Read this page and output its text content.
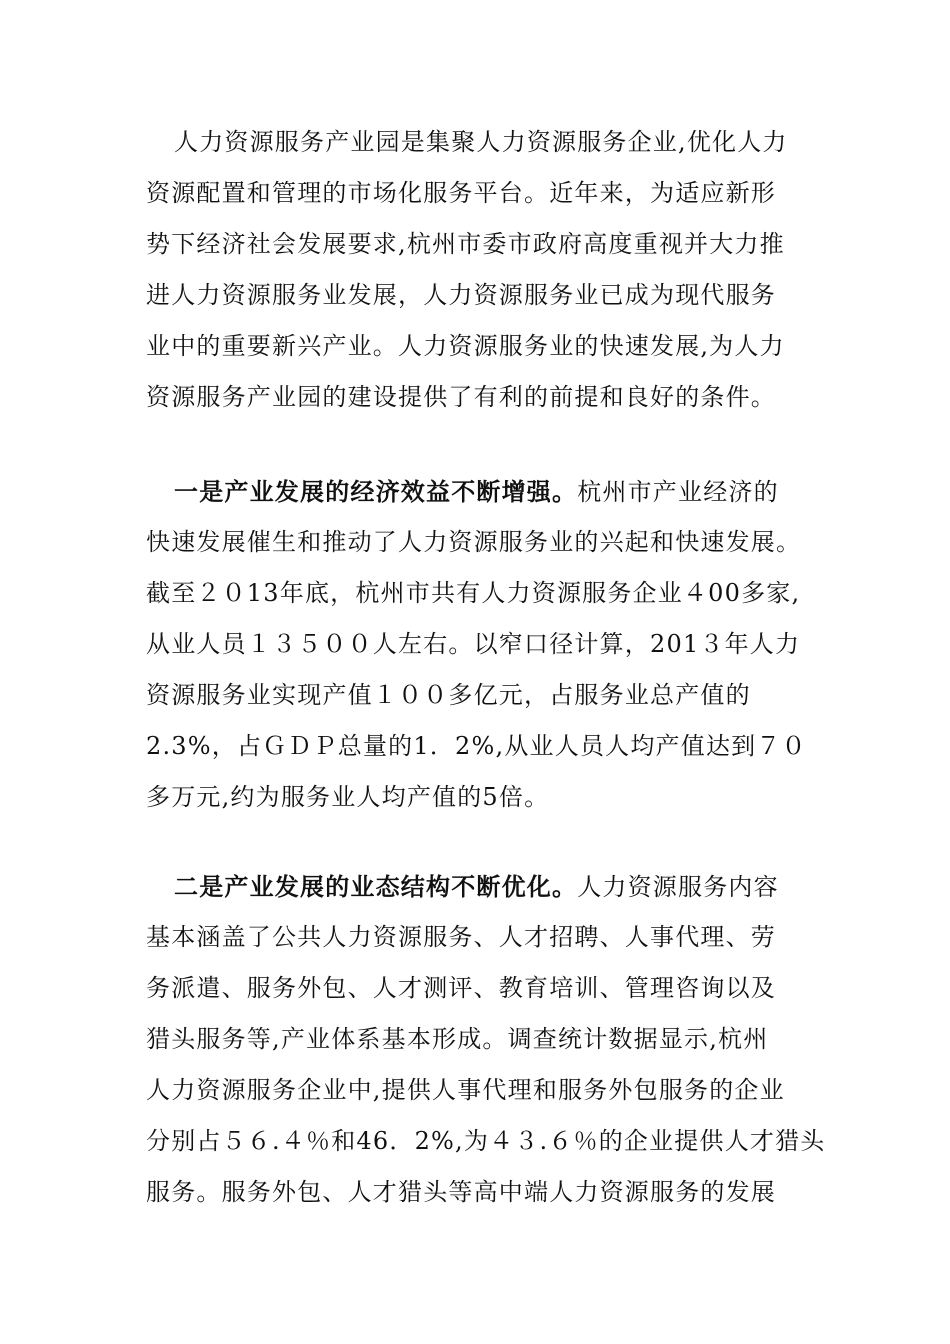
人力资源服务产业园是集聚人力资源服务企业,优化人力
资源配置和管理的市场化服务平台。近年来，为适应新形
势下经济社会发展要求,杭州市委市政府高度重视并大力推
进人力资源服务业发展，人力资源服务业已成为现代服务
业中的重要新兴产业。人力资源服务业的快速发展,为人力
资源服务产业园的建设提供了有利的前提和良好的条件。
一是产业发展的经济效益不断增强。杭州市产业经济的
快速发展催生和推动了人力资源服务业的兴起和快速发展。
截至２０13年底，杭州市共有人力资源服务企业４00多家,
从业人员１３５００人左右。以窄口径计算，201３年人力
资源服务业实现产值１００多亿元，占服务业总产值的
2.3%，占ＧＤＰ总量的1．2%,从业人员人均产值达到７０
多万元,约为服务业人均产值的5倍。
二是产业发展的业态结构不断优化。人力资源服务内容
基本涵盖了公共人力资源服务、人才招聘、人事代理、劳
务派遣、服务外包、人才测评、教育培训、管理咨询以及
猎头服务等,产业体系基本形成。调查统计数据显示,杭州
人力资源服务企业中,提供人事代理和服务外包服务的企业
分别占５６.４％和46．2%,为４３.６％的企业提供人才猎头
服务。服务外包、人才猎头等高中端人力资源服务的发展
